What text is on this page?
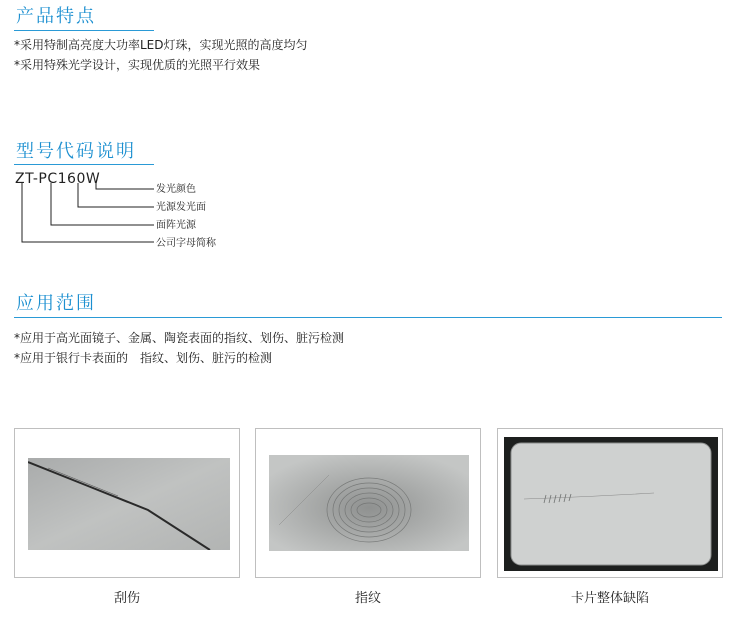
产品特点
*采用特制高亮度大功率LED灯珠，实现光照的高度均匀
*采用特殊光学设计，实现优质的光照平行效果
型号代码说明
ZT-PC160W
发光颜色
光源发光面
面阵光源
公司字母简称
应用范围
*应用于高光面镜子、金属、陶瓷表面的指纹、划伤、脏污检测
*应用于银行卡表面的　指纹、划伤、脏污的检测
刮伤	指纹	卡片整体缺陷
